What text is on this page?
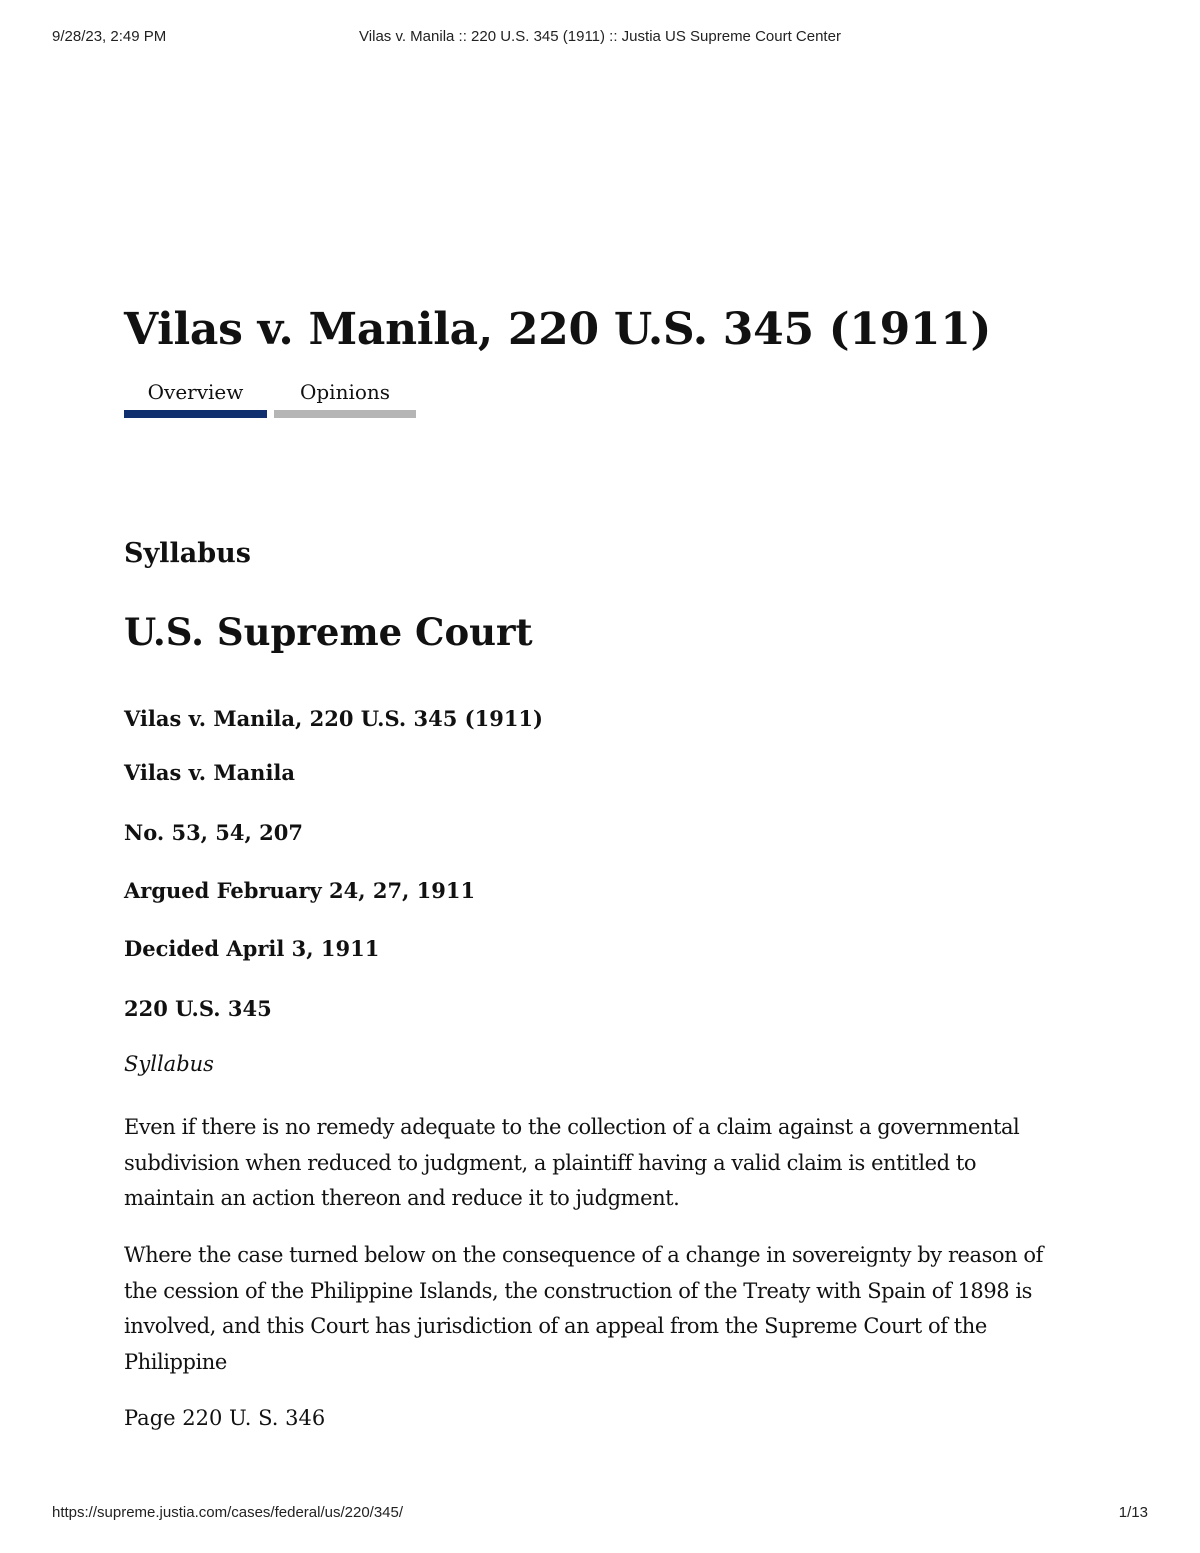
9/28/23, 2:49 PM	Vilas v. Manila :: 220 U.S. 345 (1911) :: Justia US Supreme Court Center
Vilas v. Manila, 220 U.S. 345 (1911)
Overview	Opinions
Syllabus
U.S. Supreme Court

Vilas v. Manila, 220 U.S. 345 (1911)

Vilas v. Manila

No. 53, 54, 207

Argued February 24, 27, 1911

Decided April 3, 1911

220 U.S. 345

Syllabus

Even if there is no remedy adequate to the collection of a claim against a governmental subdivision when reduced to judgment, a plaintiff having a valid claim is entitled to maintain an action thereon and reduce it to judgment.

Where the case turned below on the consequence of a change in sovereignty by reason of the cession of the Philippine Islands, the construction of the Treaty with Spain of 1898 is involved, and this Court has jurisdiction of an appeal from the Supreme Court of the Philippine

Page 220 U. S. 346

https://supreme.justia.com/cases/federal/us/220/345/	1/13
